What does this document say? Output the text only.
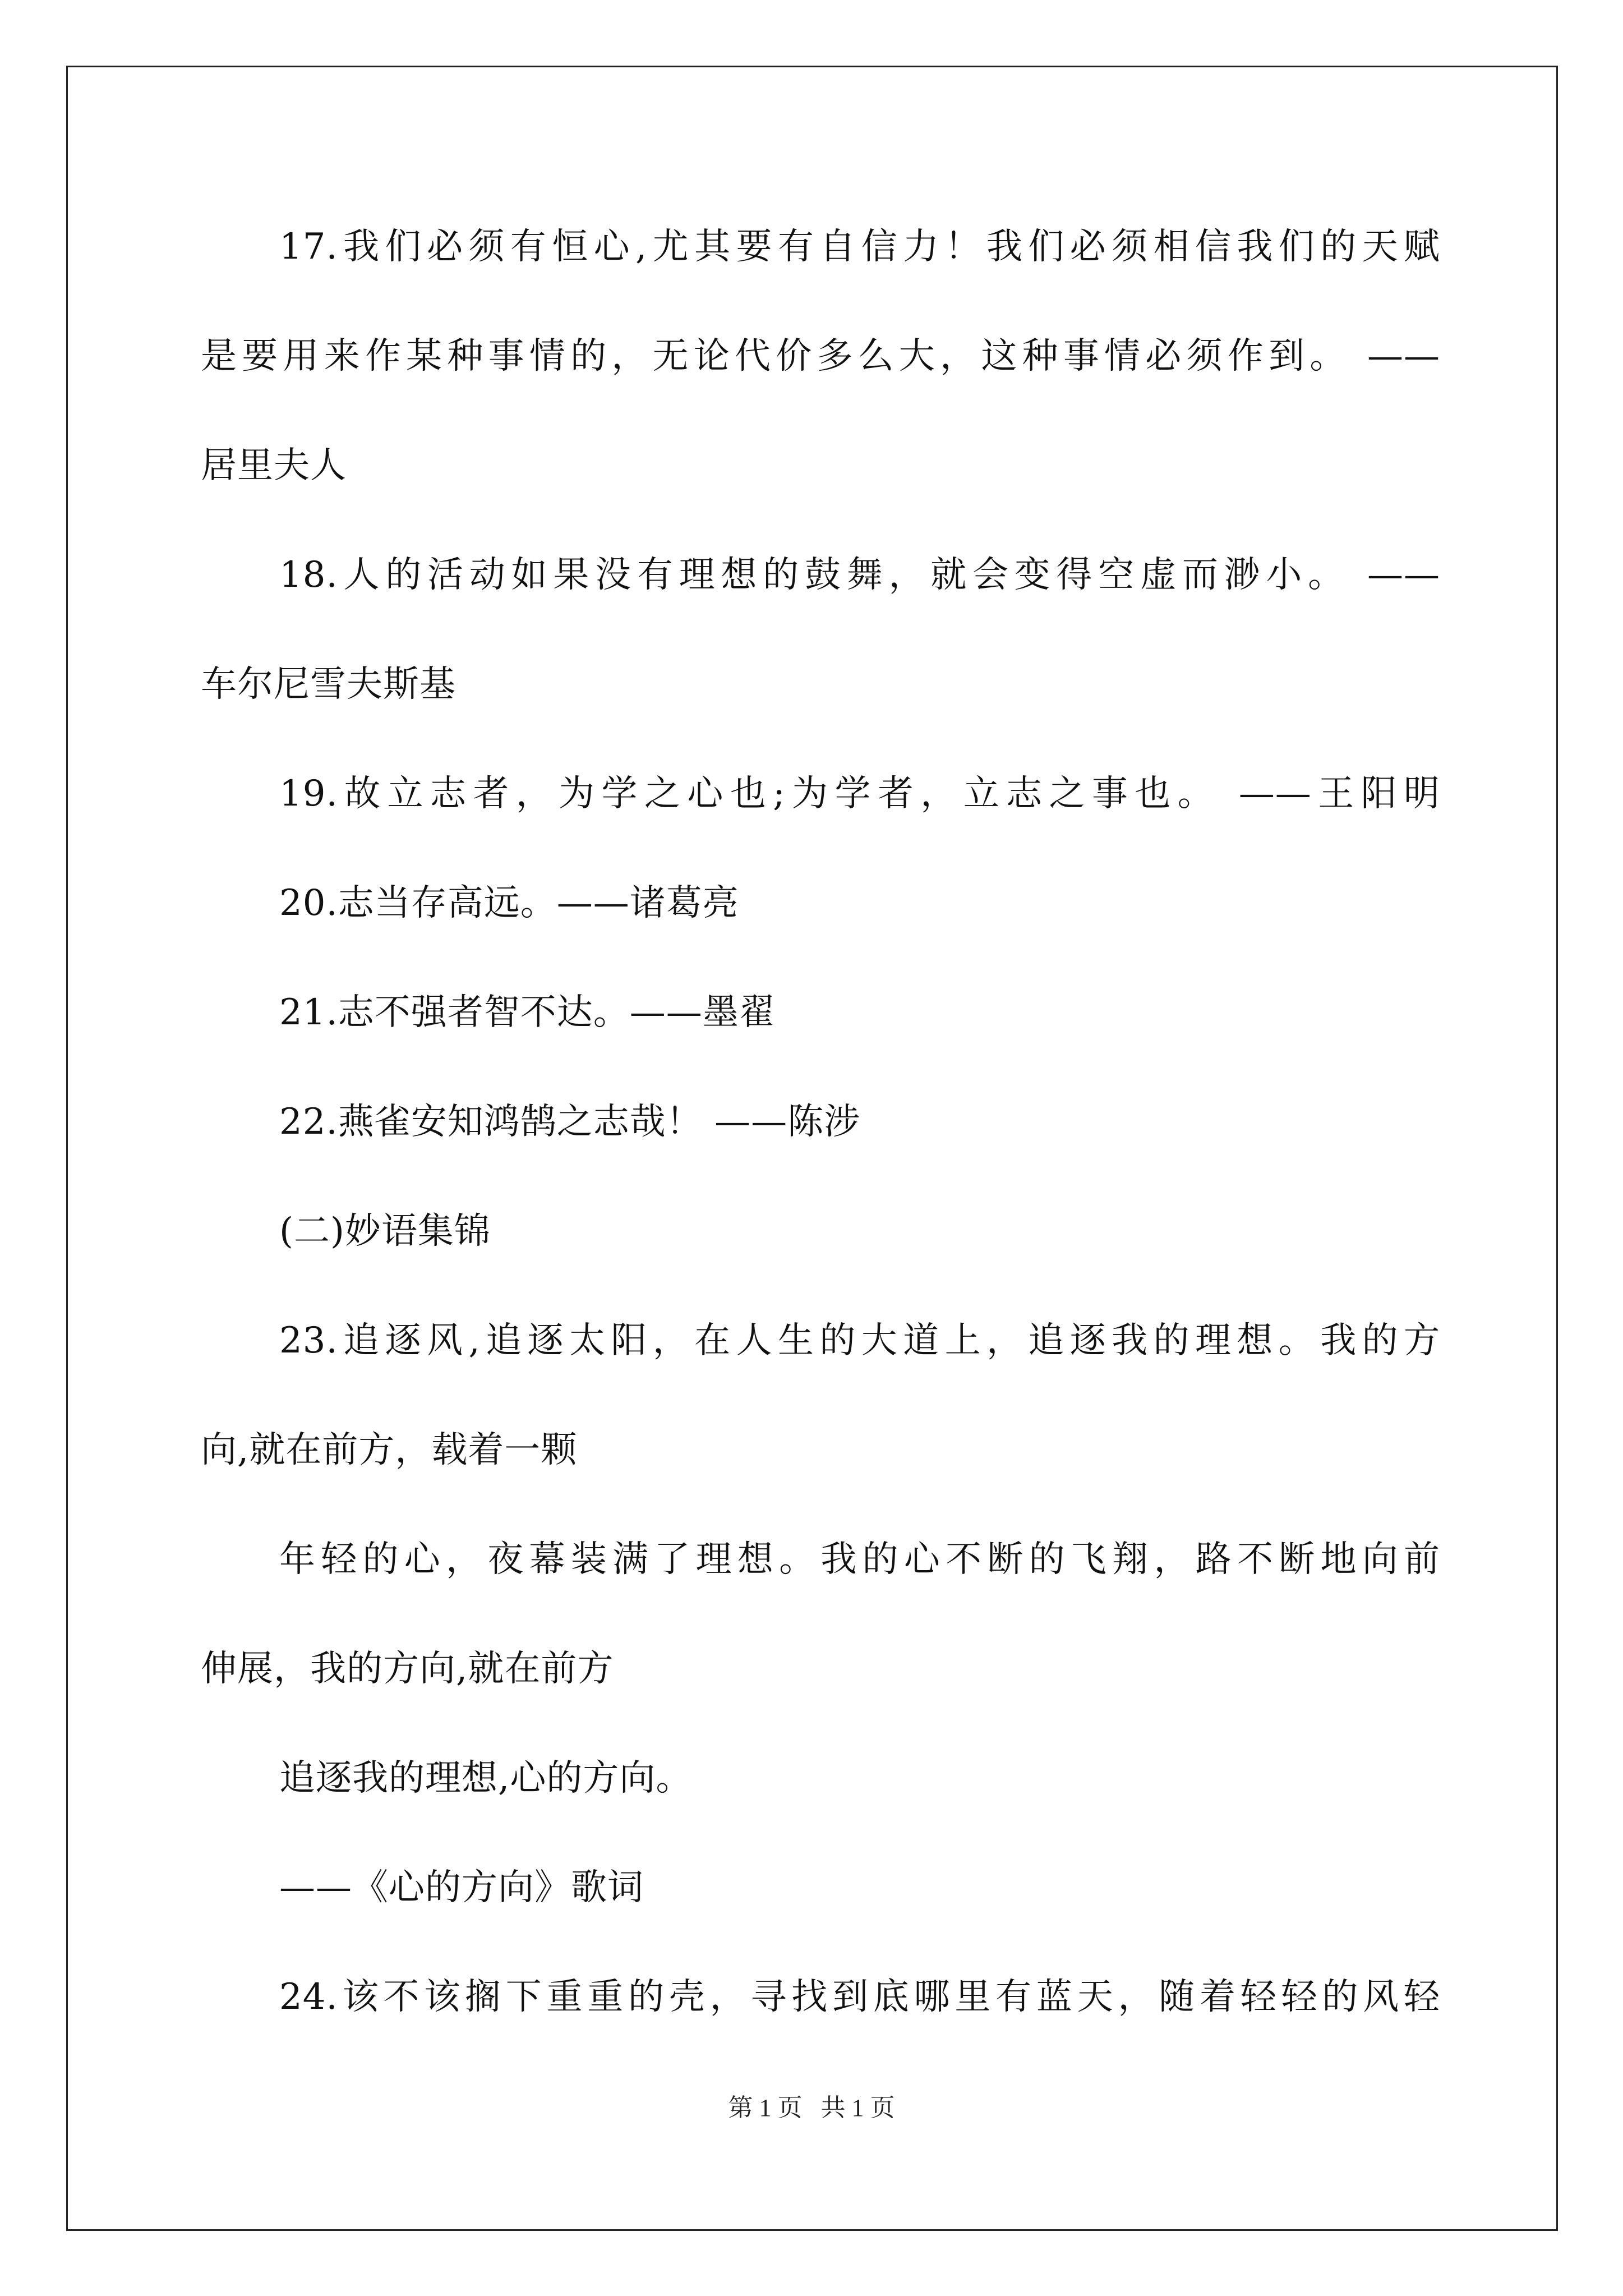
17.我们必须有恒心,尤其要有自信力！我们必须相信我们的天赋
是要用来作某种事情的，无论代价多么大，这种事情必须作到。 ——
居里夫人
18.人的活动如果没有理想的鼓舞，就会变得空虚而渺小。 ——
车尔尼雪夫斯基
19.故立志者，为学之心也;为学者，立志之事也。 ——王阳明
20.志当存高远。——诸葛亮
21.志不强者智不达。——墨翟
22.燕雀安知鸿鹄之志哉！ ——陈涉
(二)妙语集锦
23.追逐风,追逐太阳，在人生的大道上，追逐我的理想。我的方
向,就在前方，载着一颗
年轻的心，夜幕装满了理想。我的心不断的飞翔，路不断地向前
伸展，我的方向,就在前方
追逐我的理想,心的方向。
——《心的方向》歌词
24.该不该搁下重重的壳，寻找到底哪里有蓝天，随着轻轻的风轻
第 1 页   共 1 页
